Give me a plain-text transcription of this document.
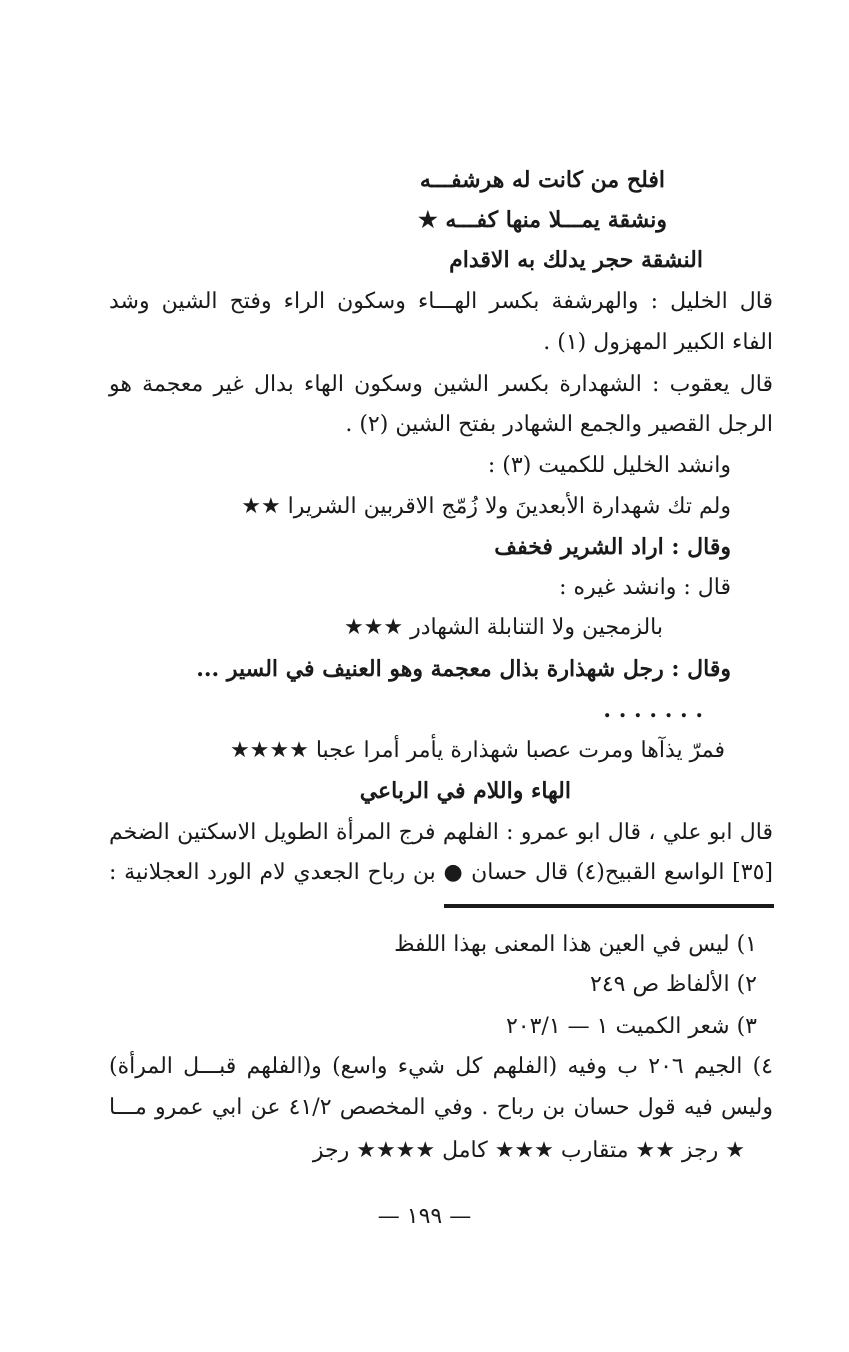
افلح من كانت له هرشفـــه
ونشقة يمـــلا منها كفـــه ★
النشقة حجر يدلك به الاقدام
قال الخليل : والهرشفة بكسر الهـــاء وسكون الراء وفتح الشين وشد
الفاء الكبير المهزول (١) .
قال يعقوب : الشهدارة بكسر الشين وسكون الهاء بدال غير معجمة هو
الرجل القصير والجمع الشهادر بفتح الشين (٢) .
وانشد الخليل للكميت (٣) :
ولم تك شهدارة الأبعدينَ ولا زُمّج الاقربين الشريرا ★★
وقال : اراد الشرير فخفف
قال : وانشد غيره :
بالزمجين ولا التنابلة الشهادر ★★★
وقال : رجل شهذارة بذال معجمة وهو العنيف في السير ...
. . . . . . .
فمرّ يذآها ومرت عصبا شهذارة يأمر أمرا عجبا ★★★★
الهاء واللام في الرباعي
قال ابو علي ، قال ابو عمرو : الفلهم فرج المرأة الطويل الاسكتين الضخم
[٣٥] الواسع القبيح(٤) قال حسان ● بن رباح الجعدي لام الورد العجلانية :
١) ليس في العين هذا المعنى بهذا اللفظ
٢) الألفاظ ص ٢٤٩
٣) شعر الكميت ١ — ٢٠٣/١
٤) الجيم ٢٠٦ ب وفيه (الفلهم كل شيء واسع) و(الفلهم قبـــل المرأة)
وليس فيه قول حسان بن رباح . وفي المخصص ٤١/٢ عن ابي عمرو مـــا
★ رجز ★★ متقارب ★★★ كامل ★★★★ رجز
— ١٩٩ —
